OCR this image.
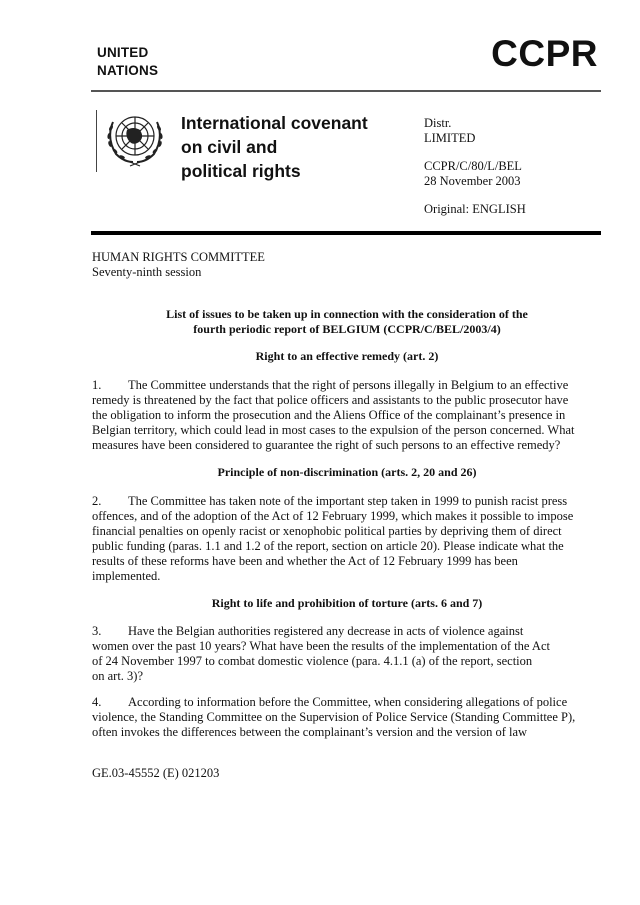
UNITED
NATIONS	CCPR
International covenant
on civil and
political rights
Distr.
LIMITED
CCPR/C/80/L/BEL
28 November 2003
Original: ENGLISH
HUMAN RIGHTS COMMITTEE
Seventy-ninth session
List of issues to be taken up in connection with the consideration of the
fourth periodic report of BELGIUM (CCPR/C/BEL/2003/4)
Right to an effective remedy (art. 2)
1. The Committee understands that the right of persons illegally in Belgium to an effective
remedy is threatened by the fact that police officers and assistants to the public prosecutor have
the obligation to inform the prosecution and the Aliens Office of the complainant’s presence in
Belgian territory, which could lead in most cases to the expulsion of the person concerned. What
measures have been considered to guarantee the right of such persons to an effective remedy?
Principle of non-discrimination (arts. 2, 20 and 26)
2. The Committee has taken note of the important step taken in 1999 to punish racist press
offences, and of the adoption of the Act of 12 February 1999, which makes it possible to impose
financial penalties on openly racist or xenophobic political parties by depriving them of direct
public funding (paras. 1.1 and 1.2 of the report, section on article 20). Please indicate what the
results of these reforms have been and whether the Act of 12 February 1999 has been
implemented.
Right to life and prohibition of torture (arts. 6 and 7)
3. Have the Belgian authorities registered any decrease in acts of violence against
women over the past 10 years? What have been the results of the implementation of the Act
of 24 November 1997 to combat domestic violence (para. 4.1.1 (a) of the report, section
on art. 3)?
4. According to information before the Committee, when considering allegations of police
violence, the Standing Committee on the Supervision of Police Service (Standing Committee P),
often invokes the differences between the complainant’s version and the version of law
GE.03-45552 (E) 021203
